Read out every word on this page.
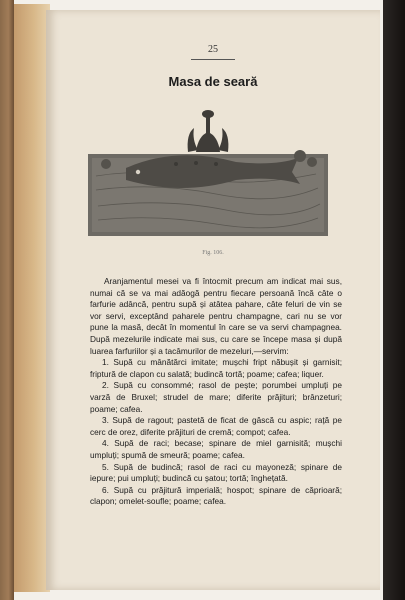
25
Masa de seară
Fig. 106.

Aranjamentul mesei va fi întocmit precum am indicat mai sus, numai că se va mai adăogă pentru fiecare persoană încă câte o farfurie adâncă, pentru supă și atâtea pahare, câte feluri de vin se vor servi, exceptând paharele pentru champagne, cari nu se vor pune la masă, decât în momentul în care se va servi champagnea. După mezelurile indicate mai sus, cu care se începe masa și după luarea farfuriilor și a tacâmurilor de mezeluri,—servim:

1. Supă cu mânătărci imitate; mușchi fript năbușit și garnisit; friptură de clapon cu salată; budincă tortă; poame; cafea; liquer.

2. Supă cu consommé; rasol de pește; porumbei umpluți pe varză de Bruxel; strudel de mare; diferite prăjituri; brânzeturi; poame; cafea.

3. Supă de ragout; pastetă de ficat de gâscă cu aspic; rață pe cerc de orez, diferite prăjituri de cremă; compot; cafea.

4. Supă de raci; becase; spinare de miel garnisită; mușchi umpluți; spumă de smeură; poame; cafea.

5. Supă de budincă; rasol de raci cu mayoneză; spinare de iepure; pui umpluți; budincă cu șatou; tortă; înghețată.

6. Supă cu prăjitură imperială; hospot; spinare de căprioară; clapon; omelet-soufle; poame; cafea.
